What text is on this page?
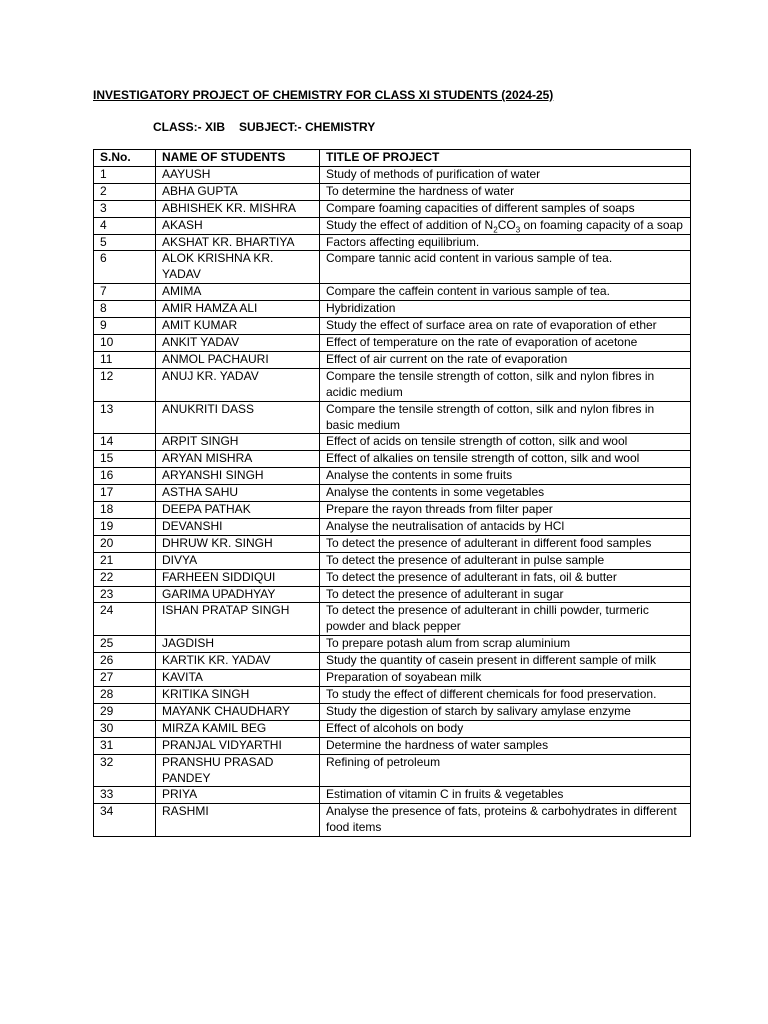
INVESTIGATORY PROJECT OF CHEMISTRY FOR CLASS XI STUDENTS (2024-25)
CLASS:- XIB SUBJECT:- CHEMISTRY
S.No.	NAME OF STUDENTS	TITLE OF PROJECT
1	AAYUSH	Study of methods of purification of water
2	ABHA GUPTA	To determine the hardness of water
3	ABHISHEK KR. MISHRA	Compare foaming capacities of different samples of soaps
4	AKASH	Study the effect of addition of $N_2CO_3$ on foaming capacity of a soap
5	AKSHAT KR. BHARTIYA	Factors affecting equilibrium.
6	ALOK KRISHNA KR. YADAV	Compare tannic acid content in various sample of tea.
7	AMIMA	Compare the caffein content in various sample of tea.
8	AMIR HAMZA ALI	Hybridization
9	AMIT KUMAR	Study the effect of surface area on rate of evaporation of ether
10	ANKIT YADAV	Effect of temperature on the rate of evaporation of acetone
11	ANMOL PACHAURI	Effect of air current on the rate of evaporation
12	ANUJ KR. YADAV	Compare the tensile strength of cotton, silk and nylon fibres in acidic medium
13	ANUKRITI DASS	Compare the tensile strength of cotton, silk and nylon fibres in basic medium
14	ARPIT SINGH	Effect of acids on tensile strength of cotton, silk and wool
15	ARYAN MISHRA	Effect of alkalies on tensile strength of cotton, silk and wool
16	ARYANSHI SINGH	Analyse the contents in some fruits
17	ASTHA SAHU	Analyse the contents in some vegetables
18	DEEPA PATHAK	Prepare the rayon threads from filter paper
19	DEVANSHI	Analyse the neutralisation of antacids by HCl
20	DHRUW KR. SINGH	To detect the presence of adulterant in different food samples
21	DIVYA	To detect the presence of adulterant in pulse sample
22	FARHEEN SIDDIQUI	To detect the presence of adulterant in fats, oil & butter
23	GARIMA UPADHYAY	To detect the presence of adulterant in sugar
24	ISHAN PRATAP SINGH	To detect the presence of adulterant in chilli powder, turmeric powder and black pepper
25	JAGDISH	To prepare potash alum from scrap aluminium
26	KARTIK KR. YADAV	Study the quantity of casein present in different sample of milk
27	KAVITA	Preparation of soyabean milk
28	KRITIKA SINGH	To study the effect of different chemicals for food preservation.
29	MAYANK CHAUDHARY	Study the digestion of starch by salivary amylase enzyme
30	MIRZA KAMIL BEG	Effect of alcohols on body
31	PRANJAL VIDYARTHI	Determine the hardness of water samples
32	PRANSHU PRASAD PANDEY	Refining of petroleum
33	PRIYA	Estimation of vitamin C in fruits & vegetables
34	RASHMI	Analyse the presence of fats, proteins & carbohydrates in different food items
